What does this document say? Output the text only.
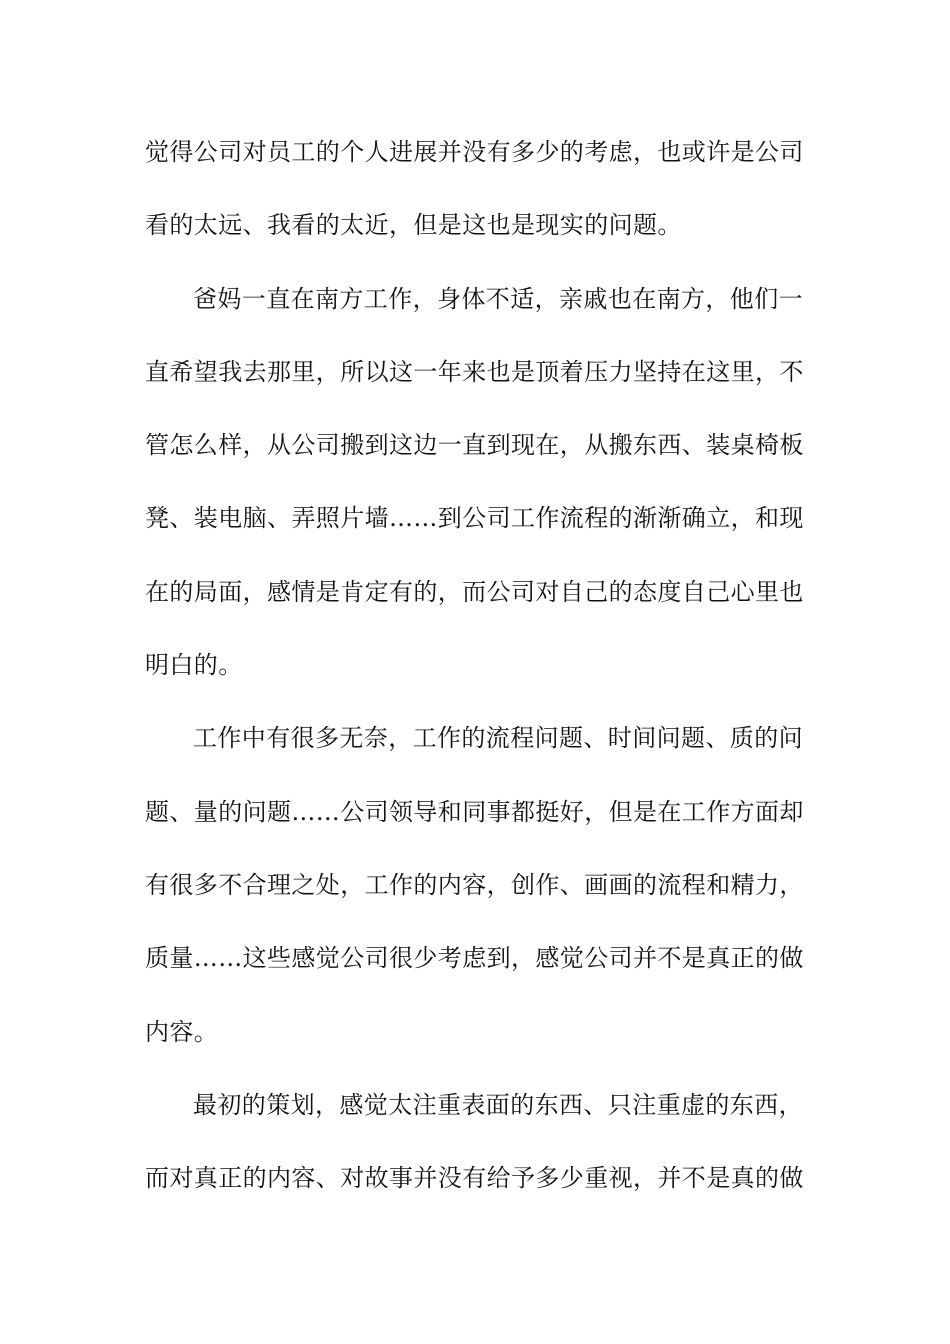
觉得公司对员工的个人进展并没有多少的考虑，也或许是公司
看的太远、我看的太近，但是这也是现实的问题。
爸妈一直在南方工作，身体不适，亲戚也在南方，他们一
直希望我去那里，所以这一年来也是顶着压力坚持在这里，不
管怎么样，从公司搬到这边一直到现在，从搬东西、装桌椅板
凳、装电脑、弄照片墙……到公司工作流程的渐渐确立，和现
在的局面，感情是肯定有的，而公司对自己的态度自己心里也
明白的。
工作中有很多无奈，工作的流程问题、时间问题、质的问
题、量的问题……公司领导和同事都挺好，但是在工作方面却
有很多不合理之处，工作的内容，创作、画画的流程和精力，
质量……这些感觉公司很少考虑到，感觉公司并不是真正的做
内容。
最初的策划，感觉太注重表面的东西、只注重虚的东西，
而对真正的内容、对故事并没有给予多少重视，并不是真的做
